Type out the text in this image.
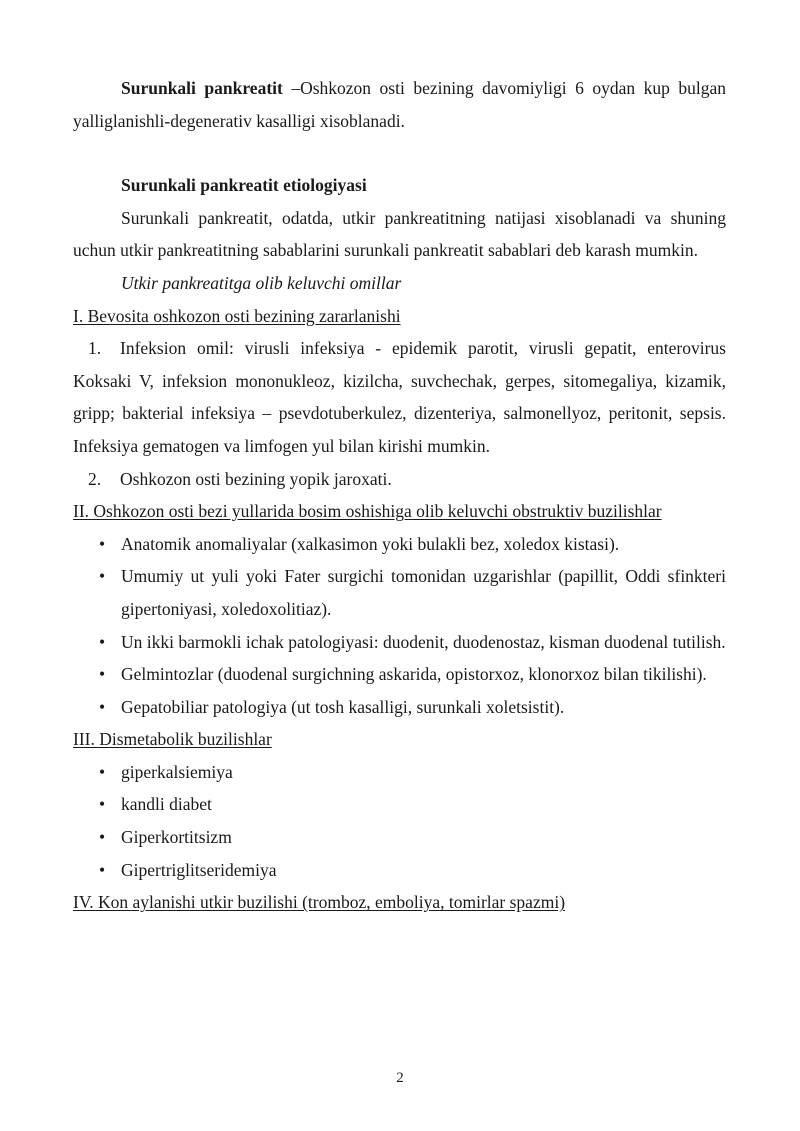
Surunkali pankreatit –Oshkozon osti bezining davomiyligi 6 oydan kup bulgan yalliglanishli-degenerativ kasalligi xisoblanadi.

Surunkali pankreatit etiologiyasi

Surunkali pankreatit, odatda, utkir pankreatitning natijasi xisoblanadi va shuning uchun utkir pankreatitning sabablarini surunkali pankreatit sabablari deb karash mumkin.

Utkir pankreatitga olib keluvchi omillar

I. Bevosita oshkozon osti bezining zararlanishi

1. Infeksion omil: virusli infeksiya - epidemik parotit, virusli gepatit, enterovirus Koksaki V, infeksion mononukleoz, kizilcha, suvchechak, gerpes, sitomegaliya, kizamik, gripp; bakterial infeksiya – psevdotuberkulez, dizenteriya, salmonellyoz, peritonit, sepsis. Infeksiya gematogen va limfogen yul bilan kirishi mumkin.
2. Oshkozon osti bezining yopik jaroxati.

II. Oshkozon osti bezi yullarida bosim oshishiga olib keluvchi obstruktiv buzilishlar

• Anatomik anomaliyalar (xalkasimon yoki bulakli bez, xoledox kistasi).
• Umumiy ut yuli yoki Fater surgichi tomonidan uzgarishlar (papillit, Oddi sfinkteri gipertoniyasi, xoledoxolitiaz).
• Un ikki barmokli ichak patologiyasi: duodenit, duodenostaz, kisman duodenal tutilish.
• Gelmintozlar (duodenal surgichning askarida, opistorxoz, klonorxoz bilan tikilishi).
• Gepatobiliar patologiya (ut tosh kasalligi, surunkali xoletsistit).

III. Dismetabolik buzilishlar

• giperkalsiemiya
• kandli diabet
• Giperkortitsizm
• Gipertriglitseridemiya

IV. Kon aylanishi utkir buzilishi (tromboz, emboliya, tomirlar spazmi)

2
